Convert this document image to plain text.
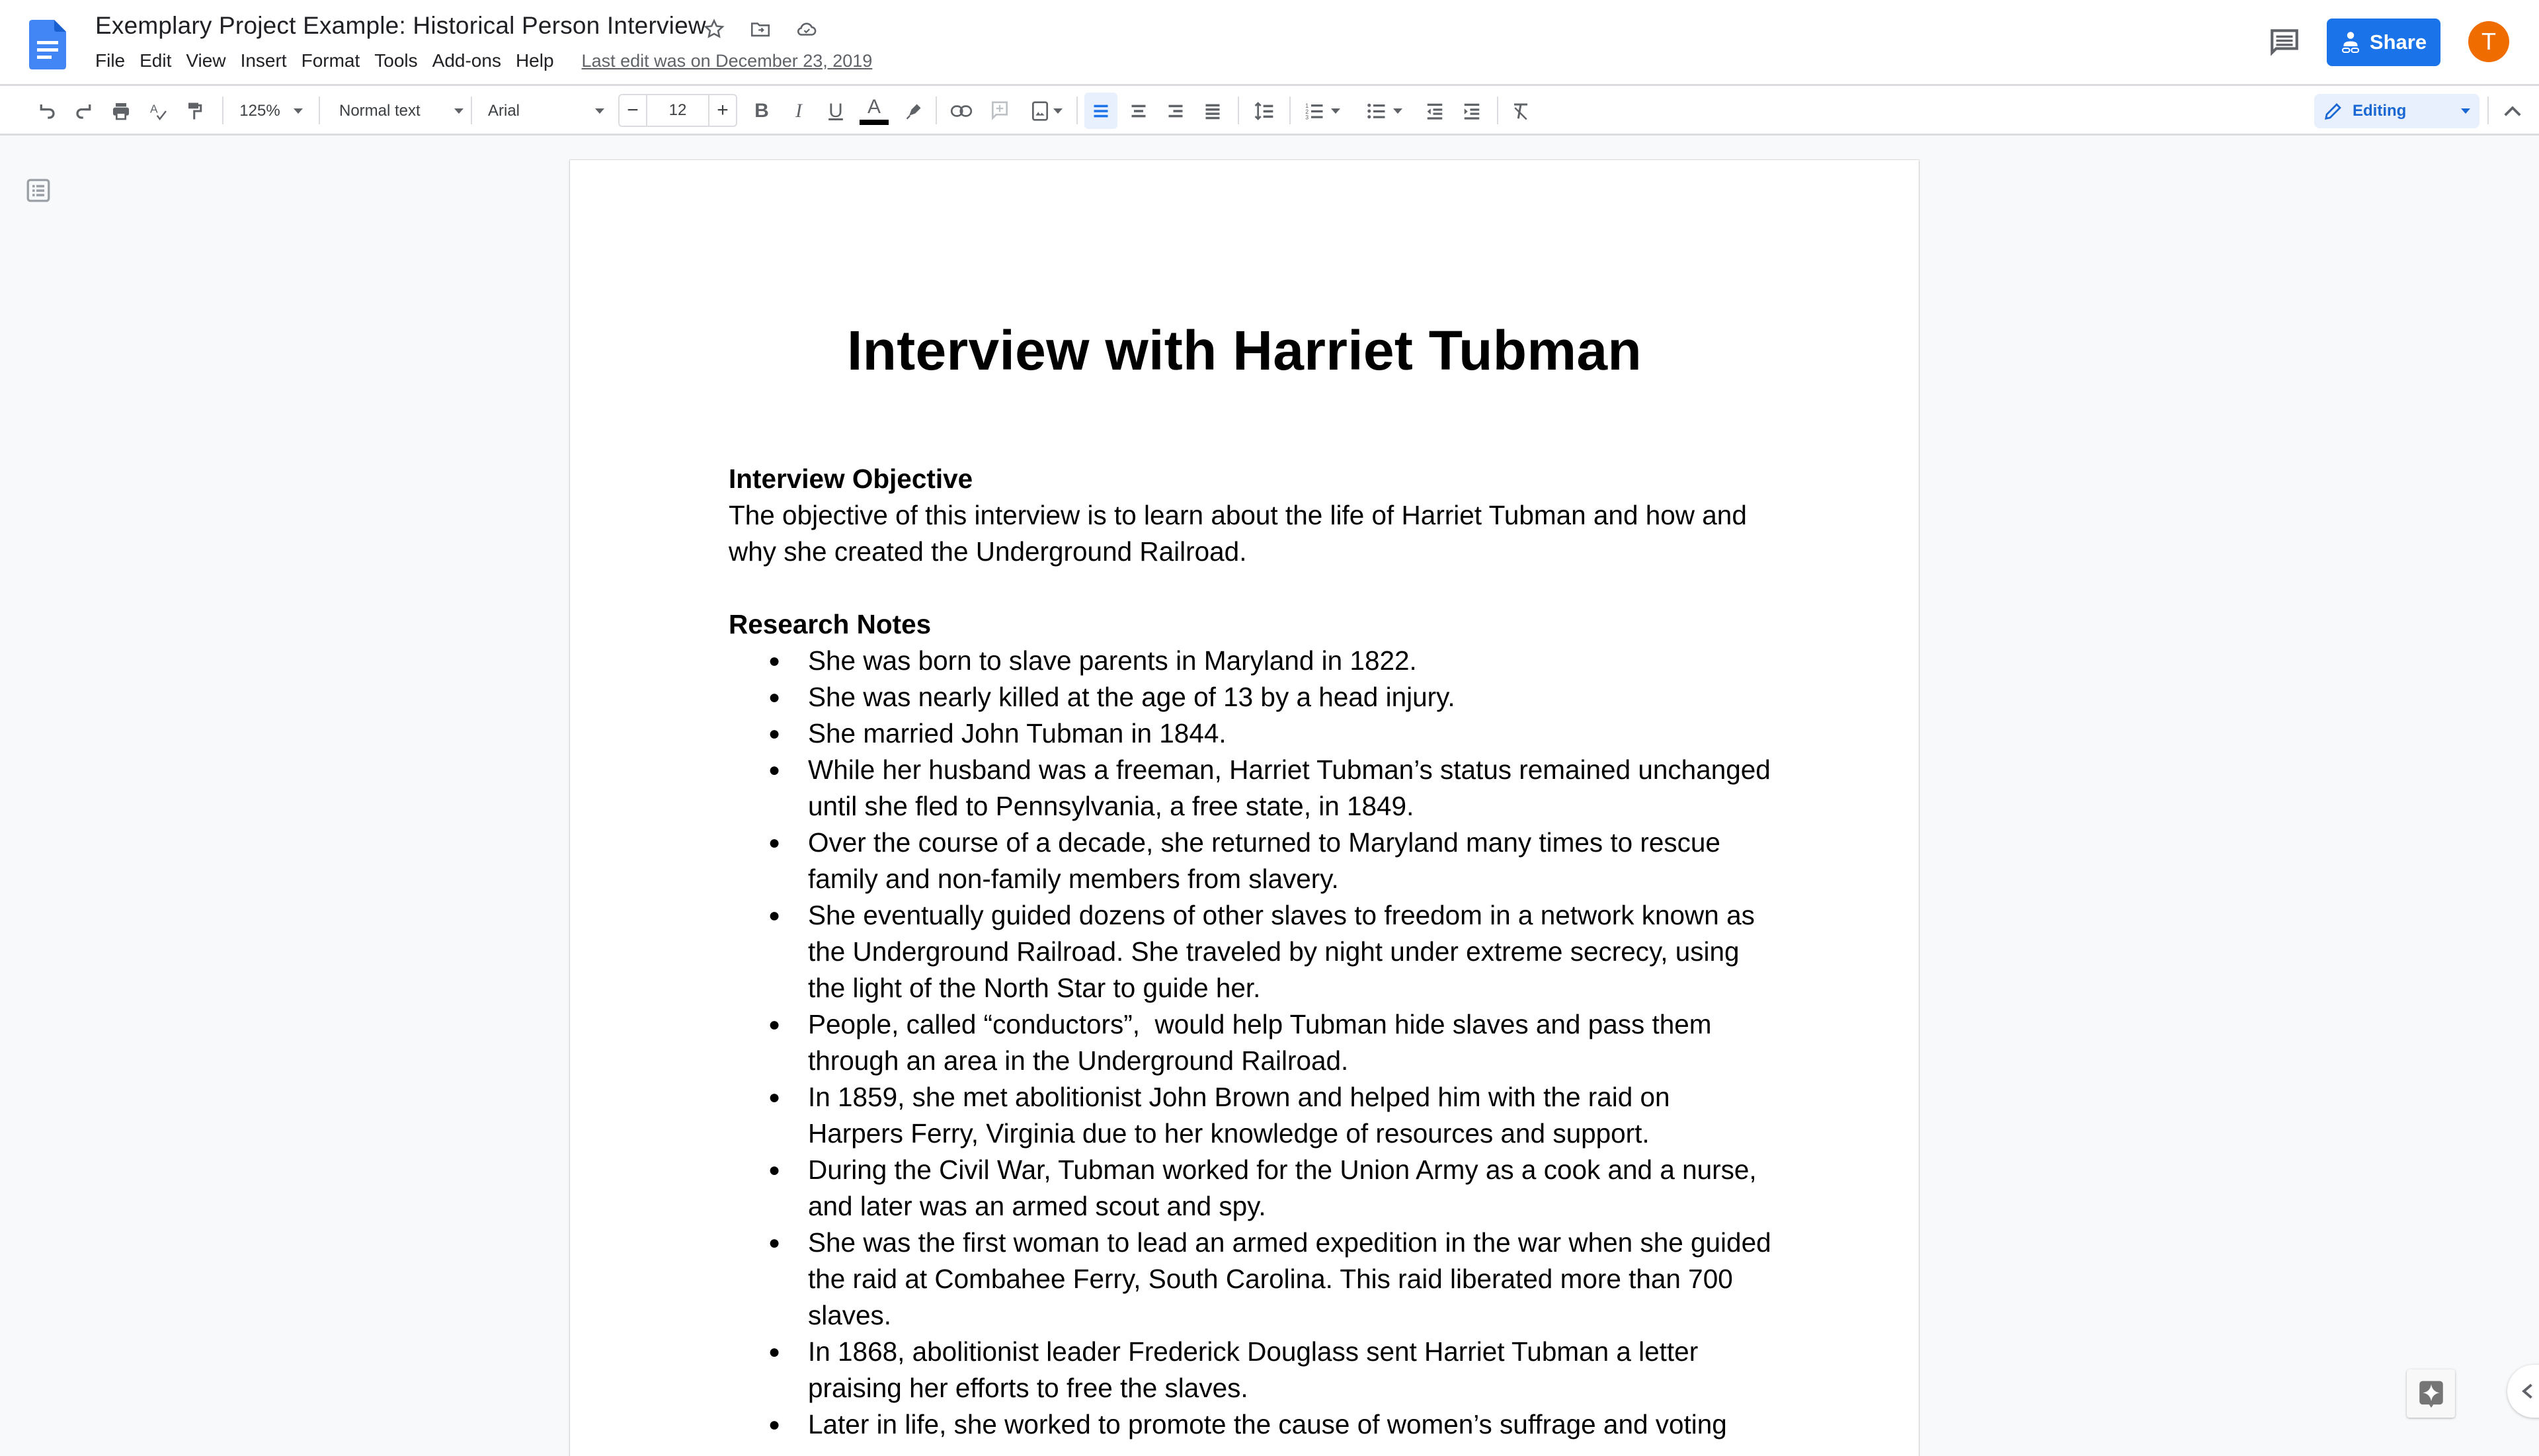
Exemplary Project Example: Historical Person Interview
File Edit View Insert Format Tools Add-ons Help	Last edit was on December 23, 2019
Share	T
A	125%	Normal text	Arial	−	12	+	B	I	U	A	1
2
3	Editing
Interview with Harriet Tubman

Interview Objective

The objective of this interview is to learn about the life of Harriet Tubman and how and

why she created the Underground Railroad.

Research Notes

● She was born to slave parents in Maryland in 1822.
● She was nearly killed at the age of 13 by a head injury.
● She married John Tubman in 1844.
● While her husband was a freeman, Harriet Tubman’s status remained unchanged
until she fled to Pennsylvania, a free state, in 1849.
● Over the course of a decade, she returned to Maryland many times to rescue
family and non-family members from slavery.
● She eventually guided dozens of other slaves to freedom in a network known as
the Underground Railroad. She traveled by night under extreme secrecy, using
the light of the North Star to guide her.
● People, called “conductors”,  would help Tubman hide slaves and pass them
through an area in the Underground Railroad.
● In 1859, she met abolitionist John Brown and helped him with the raid on
Harpers Ferry, Virginia due to her knowledge of resources and support.
● During the Civil War, Tubman worked for the Union Army as a cook and a nurse,
and later was an armed scout and spy.
● She was the first woman to lead an armed expedition in the war when she guided
the raid at Combahee Ferry, South Carolina. This raid liberated more than 700
slaves.
● In 1868, abolitionist leader Frederick Douglass sent Harriet Tubman a letter
praising her efforts to free the slaves.
● Later in life, she worked to promote the cause of women’s suffrage and voting
